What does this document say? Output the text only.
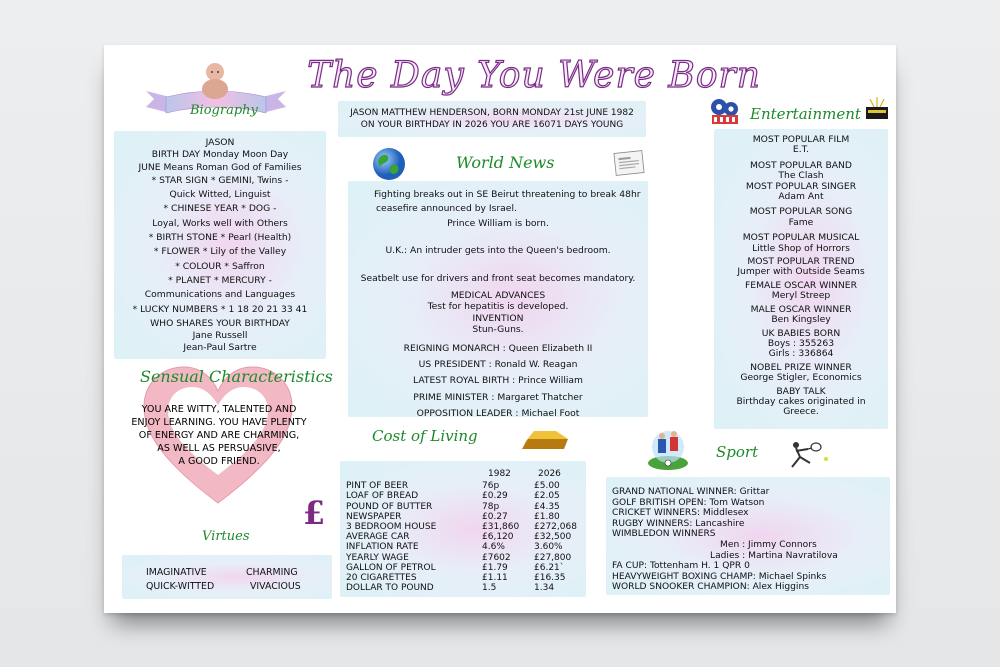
The Day You Were Born
Biography
JASON
BIRTH DAY Monday Moon Day
JUNE Means Roman God of Families
* STAR SIGN * GEMINI, Twins -
Quick Witted, Linguist
* CHINESE YEAR * DOG -
Loyal, Works well with Others
* BIRTH STONE * Pearl (Health)
* FLOWER * Lily of the Valley
* COLOUR * Saffron
* PLANET * MERCURY -
Communications and Languages
* LUCKY NUMBERS * 1 18 20 21 33 41
WHO SHARES YOUR BIRTHDAY
Jane Russell
Jean-Paul Sartre
Sensual Characteristics
YOU ARE WITTY, TALENTED AND
ENJOY LEARNING. YOU HAVE PLENTY
OF ENERGY AND ARE CHARMING,
AS WELL AS PERSUASIVE,
A GOOD FRIEND.
£
Virtues
IMAGINATIVE	CHARMING
QUICK-WITTED	VIVACIOUS
JASON MATTHEW HENDERSON, BORN MONDAY 21st JUNE 1982
ON YOUR BIRTHDAY IN 2026 YOU ARE 16071 DAYS YOUNG
World News
Fighting breaks out in SE Beirut threatening to break 48hr
ceasefire announced by Israel.
Prince William is born.
U.K.: An intruder gets into the Queen's bedroom.
Seatbelt use for drivers and front seat becomes mandatory.
MEDICAL ADVANCES
Test for hepatitis is developed.
INVENTION
Stun-Guns.
REIGNING MONARCH : Queen Elizabeth II
US PRESIDENT : Ronald W. Reagan
LATEST ROYAL BIRTH : Prince William
PRIME MINISTER : Margaret Thatcher
OPPOSITION LEADER : Michael Foot
Cost of Living
1982	2026
PINT OF BEER	76p	£5.00
LOAF OF BREAD	£0.29	£2.05
POUND OF BUTTER	78p	£4.35
NEWSPAPER	£0.27	£1.80
3 BEDROOM HOUSE	£31,860	£272,068
AVERAGE CAR	£6,120	£32,500
INFLATION RATE	4.6%	3.60%
YEARLY WAGE	£7602	£27,800
GALLON OF PETROL	£1.79	£6.21`
20 CIGARETTES	£1.11	£16.35
DOLLAR TO POUND	1.5	1.34
Entertainment
MOST POPULAR FILM
E.T.
MOST POPULAR BAND
The Clash
MOST POPULAR SINGER
Adam Ant
MOST POPULAR SONG
Fame
MOST POPULAR MUSICAL
Little Shop of Horrors
MOST POPULAR TREND
Jumper with Outside Seams
FEMALE OSCAR WINNER
Meryl Streep
MALE OSCAR WINNER
Ben Kingsley
UK BABIES BORN
Boys : 355263
Girls : 336864
NOBEL PRIZE WINNER
George Stigler, Economics
BABY TALK
Birthday cakes originated in
Greece.
Sport
GRAND NATIONAL WINNER: Grittar
GOLF BRITISH OPEN: Tom Watson
CRICKET WINNERS: Middlesex
RUGBY WINNERS: Lancashire
WIMBLEDON WINNERS
Men : Jimmy Connors
Ladies : Martina Navratilova
FA CUP: Tottenham H. 1 QPR 0
HEAVYWEIGHT BOXING CHAMP: Michael Spinks
WORLD SNOOKER CHAMPION: Alex Higgins
